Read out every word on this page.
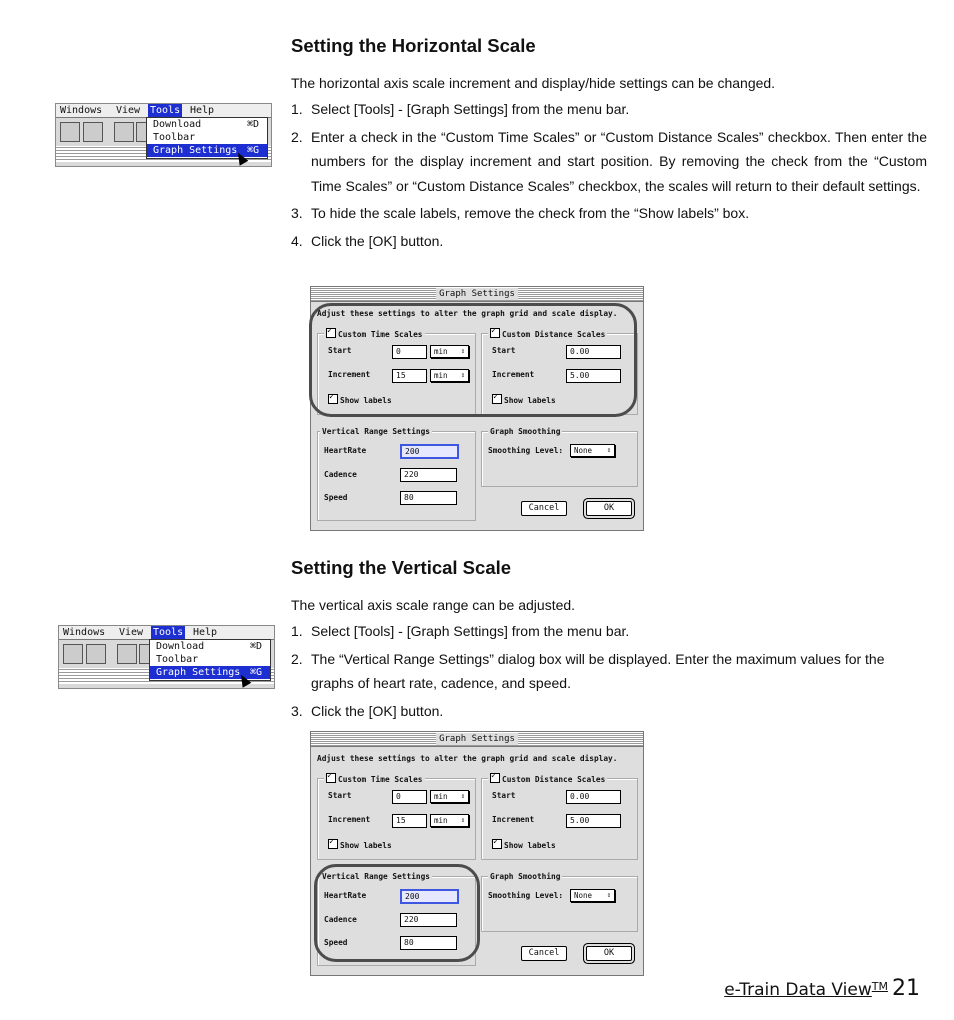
Setting the Horizontal Scale
The horizontal axis scale increment and display/hide settings can be changed.
1. Select [Tools] - [Graph Settings] from the menu bar.
2. Enter a check in the “Custom Time Scales” or “Custom Distance Scales” checkbox. Then enter the numbers for the display increment and start position. By removing the check from the “Custom Time Scales” or “Custom Distance Scales” checkbox, the scales will return to their default settings.
3. To hide the scale labels, remove the check from the “Show labels” box.
4. Click the [OK] button.
Windows View Tools Help
Download	⌘D
Toolbar
Graph Settings ⌘G
Graph Settings
Adjust these settings to alter the graph grid and scale display.
✓Custom Time Scales
Start	0	min ⇕
Increment	15	min ⇕
✓Show labels
✓Custom Distance Scales
Start	0.00
Increment	5.00
✓Show labels
Vertical Range Settings
HeartRate	200
Cadence	220
Speed	80
Graph Smoothing
Smoothing Level:	None ⇕
Cancel	OK
Setting the Vertical Scale
The vertical axis scale range can be adjusted.
1. Select [Tools] - [Graph Settings] from the menu bar.
2. The “Vertical Range Settings” dialog box will be displayed. Enter the maximum values for the graphs of heart rate, cadence, and speed.
3. Click the [OK] button.
Windows View Tools Help
Download	⌘D
Toolbar
Graph Settings ⌘G
Graph Settings
Adjust these settings to alter the graph grid and scale display.
✓Custom Time Scales
Start	0	min ⇕
Increment	15	min ⇕
✓Show labels
✓Custom Distance Scales
Start	0.00
Increment	5.00
✓Show labels
Vertical Range Settings
HeartRate	200
Cadence	220
Speed	80
Graph Smoothing
Smoothing Level:	None ⇕
Cancel	OK
e-Train Data View™ 21
